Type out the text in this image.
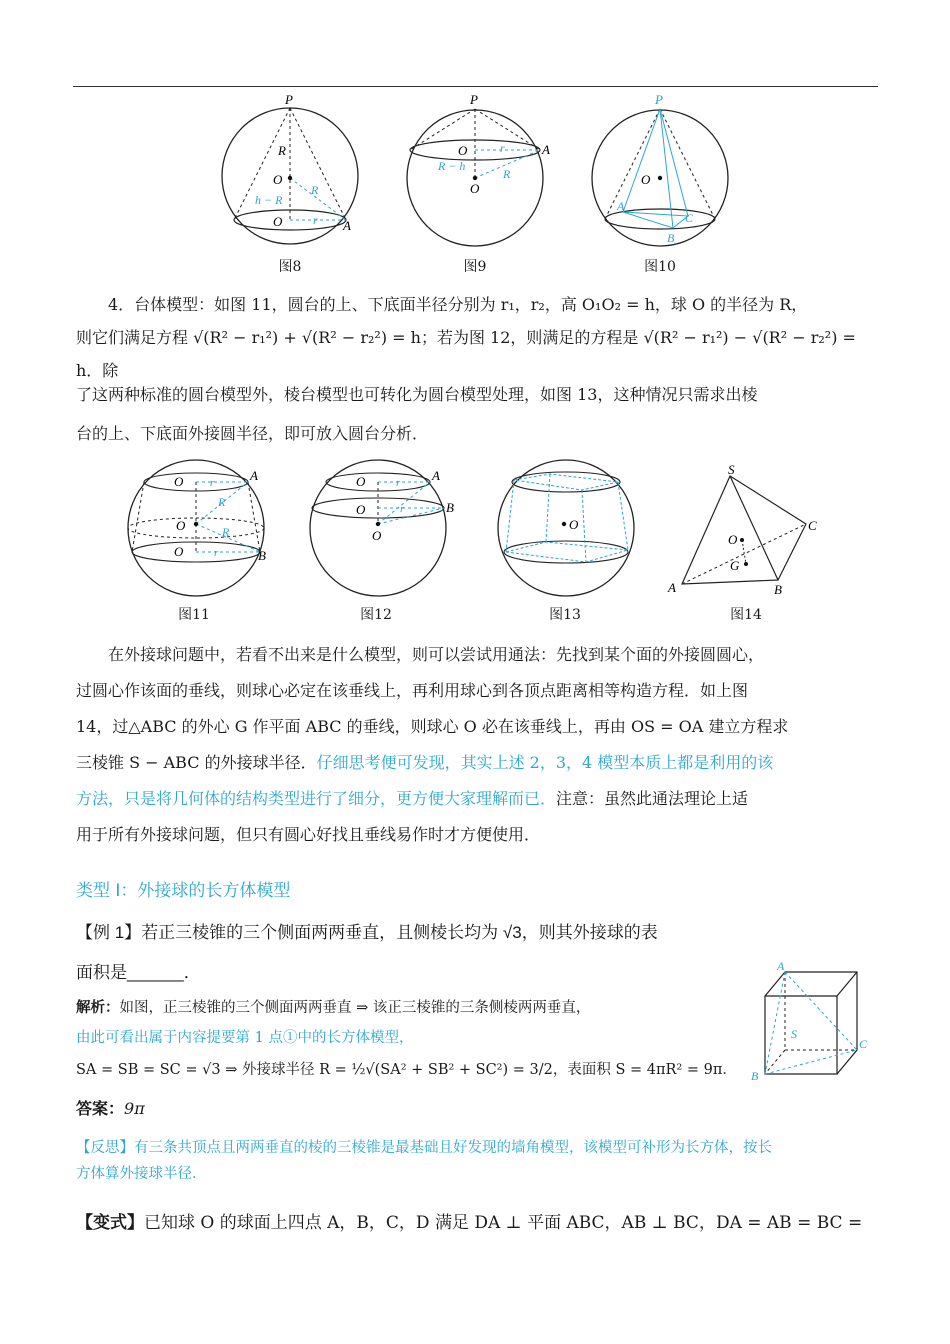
P
R
O
R
h − R
O	r A
图8
P
O	r	A
R − h
R
O
图9
P
O
A
C
B
图10
4．台体模型：如图 11，圆台的上、下底面半径分别为 r₁，r₂，高 O₁O₂ = h，球 O 的半径为 R，
则它们满足方程 √(R² − r₁²) + √(R² − r₂²) = h；若为图 12，则满足的方程是 √(R² − r₁²) − √(R² − r₂²) = h．除
了这两种标准的圆台模型外，棱台模型也可转化为圆台模型处理，如图 13，这种情况只需求出棱
台的上、下底面外接圆半径，即可放入圆台分析．
O r	A
R
O	R
O	r	B
图11
O	r A
O	r	B
O
图12
O
图13
S
C
O
G
A	B
图14
在外接球问题中，若看不出来是什么模型，则可以尝试用通法：先找到某个面的外接圆圆心，
过圆心作该面的垂线，则球心必定在该垂线上，再利用球心到各顶点距离相等构造方程．如上图
14，过△ABC 的外心 G 作平面 ABC 的垂线，则球心 O 必在该垂线上，再由 OS = OA 建立方程求
三棱锥 S − ABC 的外接球半径．仔细思考便可发现，其实上述 2，3，4 模型本质上都是利用的该
方法，只是将几何体的结构类型进行了细分，更方便大家理解而已．注意：虽然此通法理论上适
用于所有外接球问题，但只有圆心好找且垂线易作时才方便使用．
类型 I：外接球的长方体模型
【例 1】若正三棱锥的三个侧面两两垂直，且侧棱长均为 √3，则其外接球的表
面积是______．	A
S
C
B
解析：如图，正三棱锥的三个侧面两两垂直 ⇒ 该正三棱锥的三条侧棱两两垂直，
由此可看出属于内容提要第 1 点①中的长方体模型，
SA = SB = SC = √3 ⇒ 外接球半径 R = ½√(SA² + SB² + SC²) = 3/2，表面积 S = 4πR² = 9π．
答案：9π
【反思】有三条共顶点且两两垂直的棱的三棱锥是最基础且好发现的墙角模型，该模型可补形为长方体，按长
方体算外接球半径．
【变式】已知球 O 的球面上四点 A，B，C，D 满足 DA ⊥ 平面 ABC，AB ⊥ BC，DA = AB = BC =
